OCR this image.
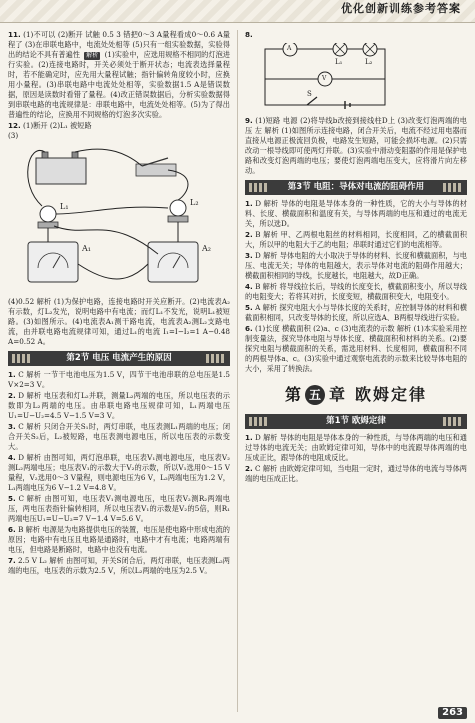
优化创新训练参考答案

11. (1)不可以 (2)断开 试触 0.5 3 错把0～3 A量程看成0～0.6 A量程了 (3)在串联电路中，电流处处相等 (5)只有一组实验数据，实验得出的结论不具有普遍性 解析 (1)实验中，应选用规格不相同的灯泡进行实验。(2)连接电路时，开关必须处于断开状态；电流表选择量程时，若不能确定时，应先用大量程试触；指针偏转角度较小时，应换用小量程。(3)串联电路中电流处处相等，实验数据1.5 A是错误数据，原因是读数时看错了量程。(4)改正错误数据后，分析实验数据得到串联电路的电流规律是：串联电路中，电流处处相等。(5)为了得出普遍性的结论，应换用不同规格的灯泡多次实验。

12. (1)断开 (2)L₁ 被短路
(3)

A₁	A₂
L₁	L₂

(4)0.52 解析 (1)为保护电路，连接电路时开关应断开。(2)电流表A₂有示数，灯L₂发光，说明电路中有电流；而灯L₁不发光，说明L₁被短路。(3)如图所示。(4)电流表A₁测干路电流，电流表A₂测L₂支路电流，由并联电路电流规律可知，通过L₁的电流 I₁=I−I₂=1 A−0.48 A=0.52 A。

第2节 电压 电流产生的原因

1. C 解析 一节干电池电压为1.5 V，四节干电池串联的总电压是1.5 V×2=3 V。

2. D 解析 电压表和灯L₂并联，测量L₂两端的电压，所以电压表的示数即为L₂两端的电压。由串联电路电压规律可知，L₁两端电压 U₁=U−U₂=4.5 V−1.5 V=3 V。

3. C 解析 只闭合开关S₁时，两灯串联，电压表测L₁两端的电压；闭合开关S₂后，L₂被短路，电压表测电源电压，所以电压表的示数变大。

4. D 解析 由图可知，两灯泡串联，电压表V₁测电源电压，电压表V₂测L₂两端电压；电压表V₁的示数大于V₂的示数，所以V₁选用0～15 V量程，V₂选用0～3 V量程，则电源电压为6 V，L₂两端电压为1.2 V，L₁两端电压为6 V−1.2 V=4.8 V。

5. C 解析 由图可知，电压表V₁测电源电压，电压表V₂测R₂两端电压，两电压表指针偏转相同，所以电压表V₁的示数是V₂的5倍，则R₁两端电压U₁=U−U₂=7 V−1.4 V=5.6 V。

6. B 解析 电源是为电路提供电压的装置，电压是使电路中形成电流的原因；电路中有电压且电路是通路时，电路中才有电流；电路两端有电压，但电路是断路时，电路中也没有电流。

7. 2.5 V L₂ 解析 由图可知，开关S闭合后，两灯串联，电压表测L₂两端的电压，电压表的示数为2.5 V，所以L₂两端的电压为2.5 V。

8.

A
V
S
L₁	L₂

9. (1)短路 电源 (2)将导线b改接到接线柱D上 (3)改变灯泡两端的电压 左 解析 (1)如图所示连接电路，闭合开关后，电流不经过用电器而直接从电源正极流回负极，电路发生短路，可能会损坏电源。(2)只需改动一根导线即可使两灯并联。(3)实验中滑动变阻器的作用是保护电路和改变灯泡两端的电压；要使灯泡两端电压变大，应将滑片向左移动。

第3节 电阻：导体对电流的阻碍作用

1. D 解析 导体的电阻是导体本身的一种性质，它的大小与导体的材料、长度、横截面积和温度有关，与导体两端的电压和通过的电流无关，所以选D。

2. B 解析 甲、乙两根电阻丝的材料相同，长度相同，乙的横截面积大，所以甲的电阻大于乙的电阻；串联时通过它们的电流相等。

3. D 解析 导体电阻的大小取决于导体的材料、长度和横截面积，与电压、电流无关；导体的电阻越大，表示导体对电流的阻碍作用越大；横截面积相同的导线，长度越长，电阻越大，故D正确。

4. B 解析 将导线拉长后，导线的长度变长，横截面积变小，所以导线的电阻变大；若将其对折，长度变短，横截面积变大，电阻变小。

5. A 解析 探究电阻大小与导体长度的关系时，应控制导体的材料和横截面积相同，只改变导体的长度，所以应选A、B两根导线进行实验。

6. (1)长度 横截面积 (2)a、c (3)电流表的示数 解析 (1)本实验采用控制变量法，探究导体电阻与导体长度、横截面积和材料的关系。(2)要探究电阻与横截面积的关系，需选用材料、长度相同，横截面积不同的两根导体a、c。(3)实验中通过观察电流表的示数来比较导体电阻的大小，采用了转换法。

第 五 章 欧姆定律
第1节 欧姆定律

1. D 解析 导体的电阻是导体本身的一种性质，与导体两端的电压和通过导体的电流无关；由欧姆定律可知，导体中的电流跟导体两端的电压成正比，跟导体的电阻成反比。

2. C 解析 由欧姆定律可知，当电阻一定时，通过导体的电流与导体两端的电压成正比。

263
